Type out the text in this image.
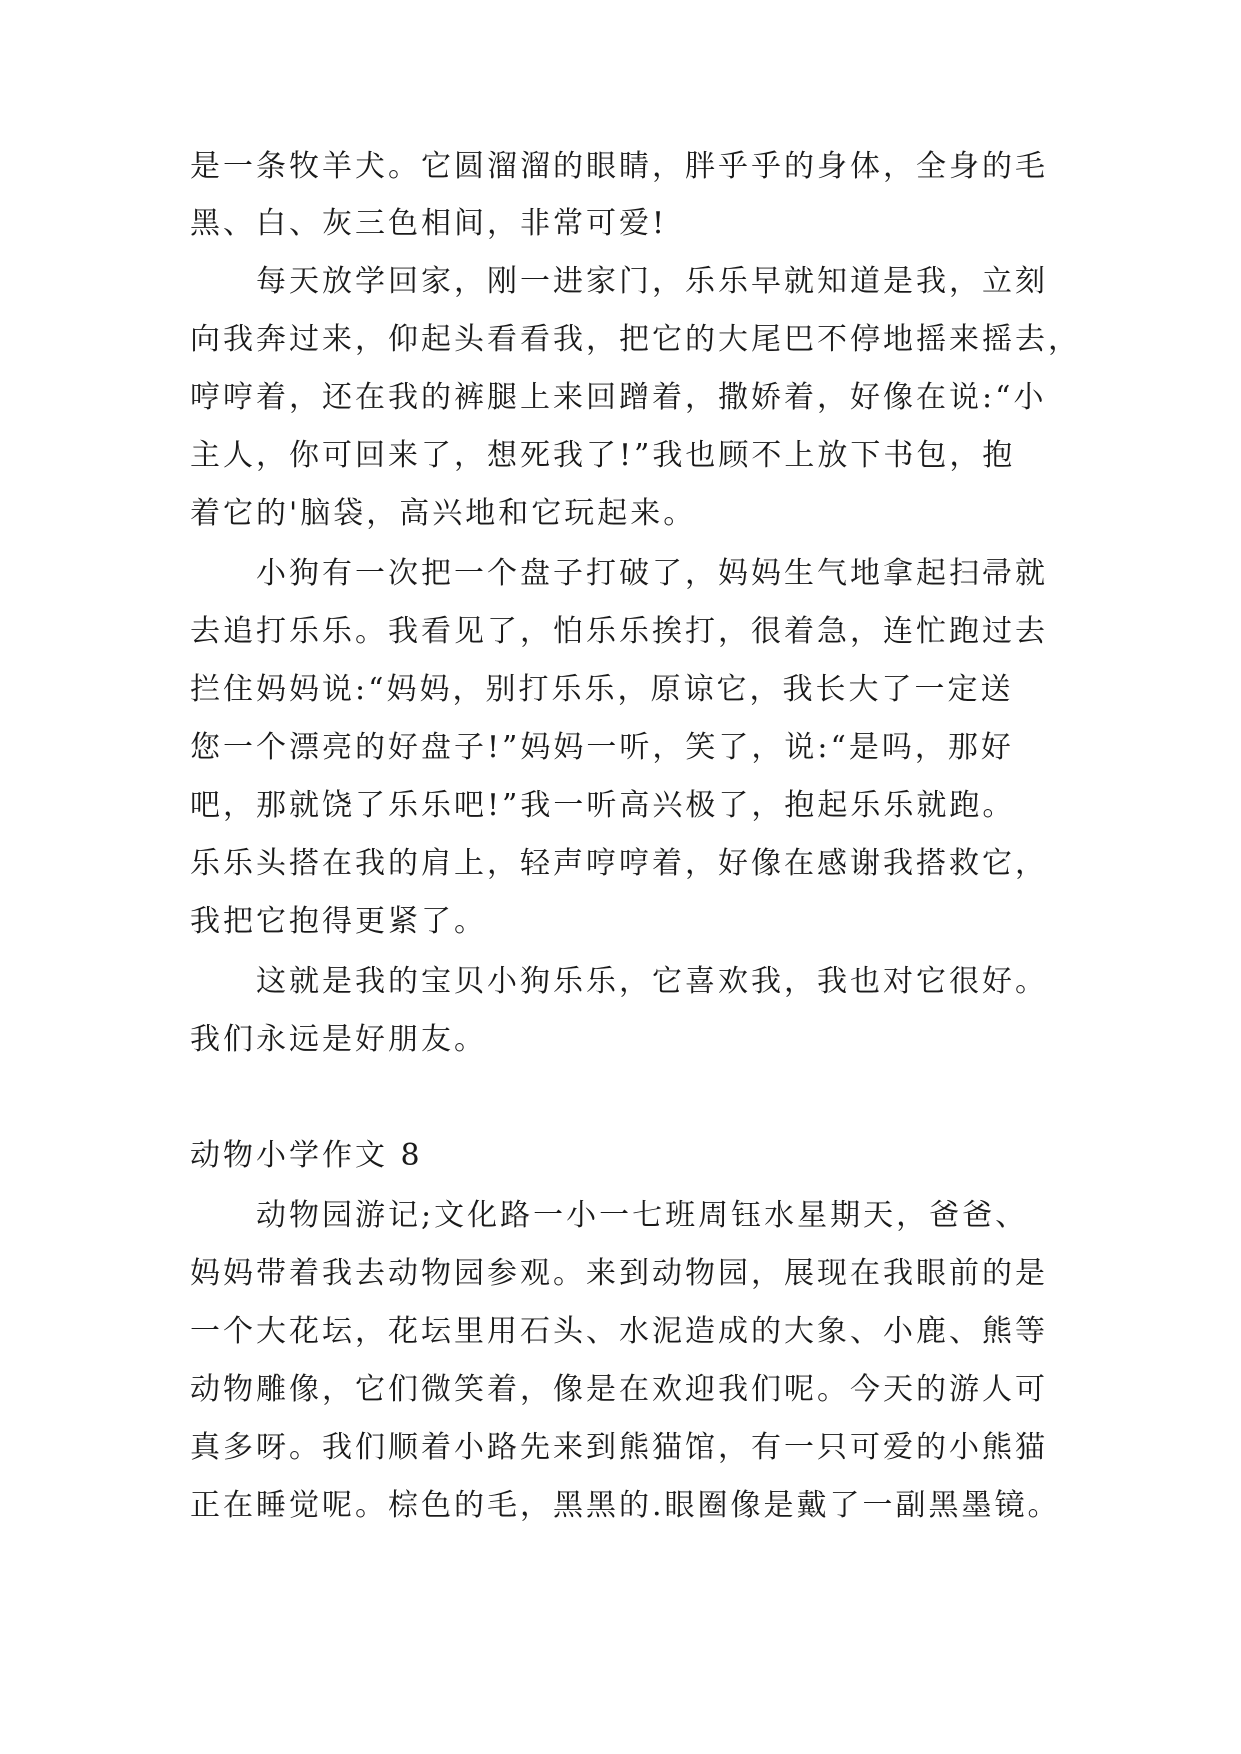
是一条牧羊犬。它圆溜溜的眼睛，胖乎乎的身体，全身的毛
黑、白、灰三色相间，非常可爱!
　　每天放学回家，刚一进家门，乐乐早就知道是我，立刻
向我奔过来，仰起头看看我，把它的大尾巴不停地摇来摇去，
哼哼着，还在我的裤腿上来回蹭着，撒娇着，好像在说:“小
主人，你可回来了，想死我了!”我也顾不上放下书包，抱
着它的'脑袋，高兴地和它玩起来。
　　小狗有一次把一个盘子打破了，妈妈生气地拿起扫帚就
去追打乐乐。我看见了，怕乐乐挨打，很着急，连忙跑过去
拦住妈妈说:“妈妈，别打乐乐，原谅它，我长大了一定送
您一个漂亮的好盘子!”妈妈一听，笑了，说:“是吗，那好
吧，那就饶了乐乐吧!”我一听高兴极了，抱起乐乐就跑。
乐乐头搭在我的肩上，轻声哼哼着，好像在感谢我搭救它，
我把它抱得更紧了。
　　这就是我的宝贝小狗乐乐，它喜欢我，我也对它很好。
我们永远是好朋友。
动物小学作文 8
　　动物园游记;文化路一小一七班周钰水星期天，爸爸、
妈妈带着我去动物园参观。来到动物园，展现在我眼前的是
一个大花坛，花坛里用石头、水泥造成的大象、小鹿、熊等
动物雕像，它们微笑着，像是在欢迎我们呢。今天的游人可
真多呀。我们顺着小路先来到熊猫馆，有一只可爱的小熊猫
正在睡觉呢。棕色的毛，黑黑的.眼圈像是戴了一副黑墨镜。
